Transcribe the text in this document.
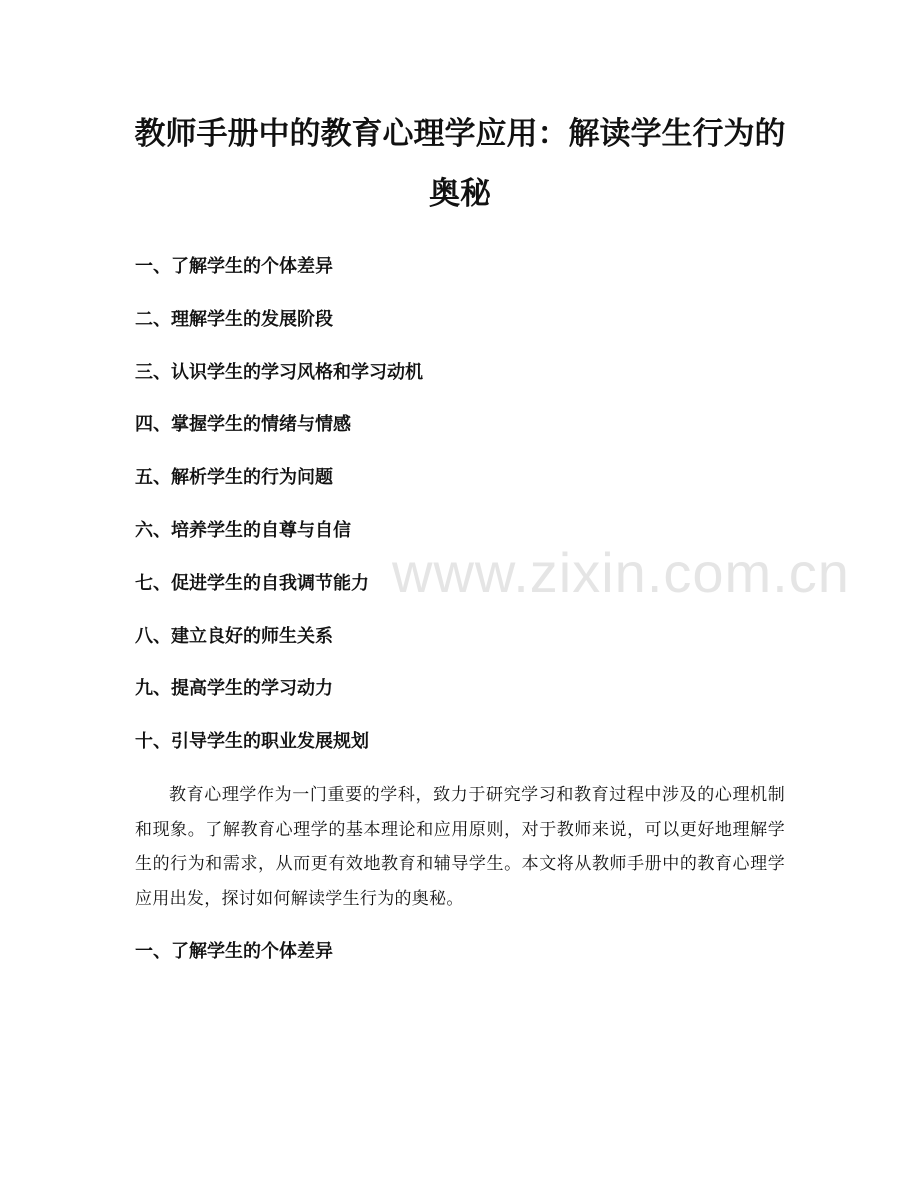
教师手册中的教育心理学应用：解读学生行为的奥秘
一、了解学生的个体差异
二、理解学生的发展阶段
三、认识学生的学习风格和学习动机
四、掌握学生的情绪与情感
五、解析学生的行为问题
六、培养学生的自尊与自信
七、促进学生的自我调节能力
八、建立良好的师生关系
九、提高学生的学习动力
十、引导学生的职业发展规划

教育心理学作为一门重要的学科，致力于研究学习和教育过程中涉及的心理机制和现象。了解教育心理学的基本理论和应用原则，对于教师来说，可以更好地理解学生的行为和需求，从而更有效地教育和辅导学生。本文将从教师手册中的教育心理学应用出发，探讨如何解读学生行为的奥秘。

一、了解学生的个体差异
www.zixin.com.cn
